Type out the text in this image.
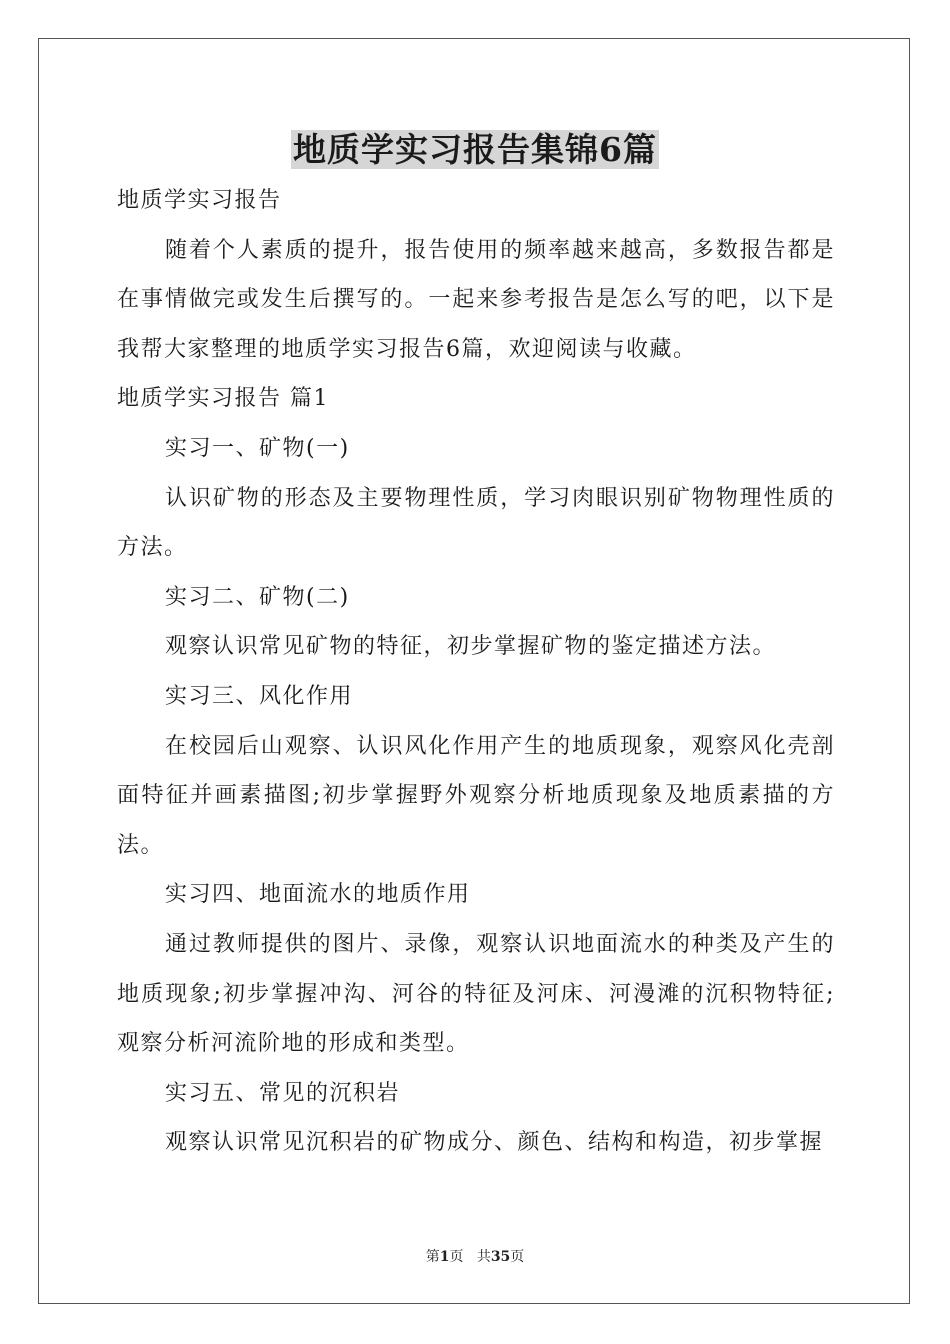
地质学实习报告集锦6篇

地质学实习报告

随着个人素质的提升，报告使用的频率越来越高，多数报告都是在事情做完或发生后撰写的。一起来参考报告是怎么写的吧，以下是我帮大家整理的地质学实习报告6篇，欢迎阅读与收藏。

地质学实习报告 篇1

实习一、矿物(一)

认识矿物的形态及主要物理性质，学习肉眼识别矿物物理性质的方法。

实习二、矿物(二)

观察认识常见矿物的特征，初步掌握矿物的鉴定描述方法。

实习三、风化作用

在校园后山观察、认识风化作用产生的地质现象，观察风化壳剖面特征并画素描图;初步掌握野外观察分析地质现象及地质素描的方法。

实习四、地面流水的地质作用

通过教师提供的图片、录像，观察认识地面流水的种类及产生的地质现象;初步掌握冲沟、河谷的特征及河床、河漫滩的沉积物特征;观察分析河流阶地的形成和类型。

实习五、常见的沉积岩

观察认识常见沉积岩的矿物成分、颜色、结构和构造，初步掌握

第1页 共35页
